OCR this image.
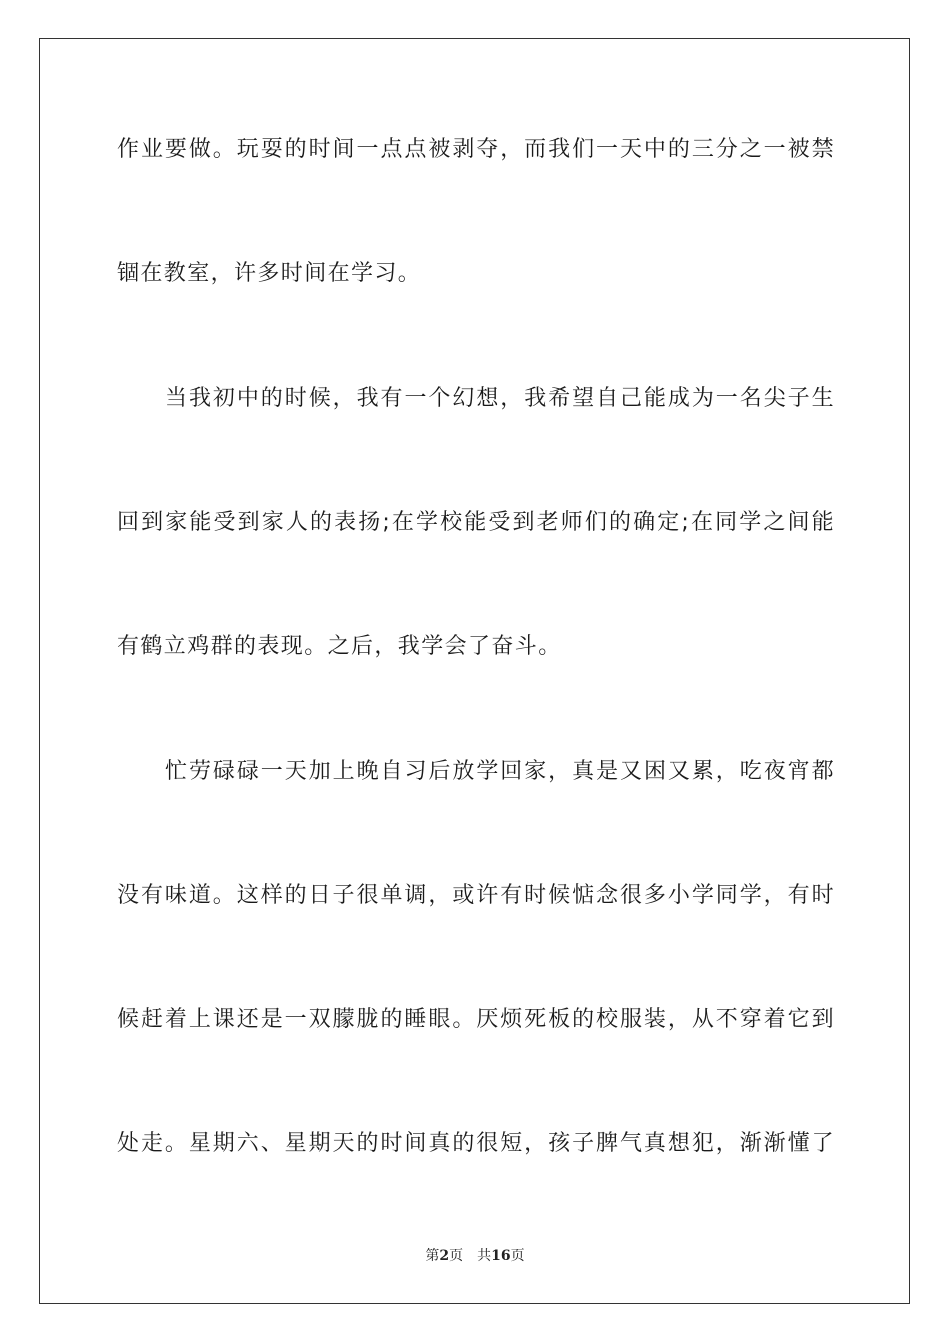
作业要做。玩耍的时间一点点被剥夺，而我们一天中的三分之一被禁
锢在教室，许多时间在学习。
当我初中的时候，我有一个幻想，我希望自己能成为一名尖子生
回到家能受到家人的表扬;在学校能受到老师们的确定;在同学之间能
有鹤立鸡群的表现。之后，我学会了奋斗。
忙劳碌碌一天加上晚自习后放学回家，真是又困又累，吃夜宵都
没有味道。这样的日子很单调，或许有时候惦念很多小学同学，有时
候赶着上课还是一双朦胧的睡眼。厌烦死板的校服装，从不穿着它到
处走。星期六、星期天的时间真的很短，孩子脾气真想犯，渐渐懂了
第2页 共16页
